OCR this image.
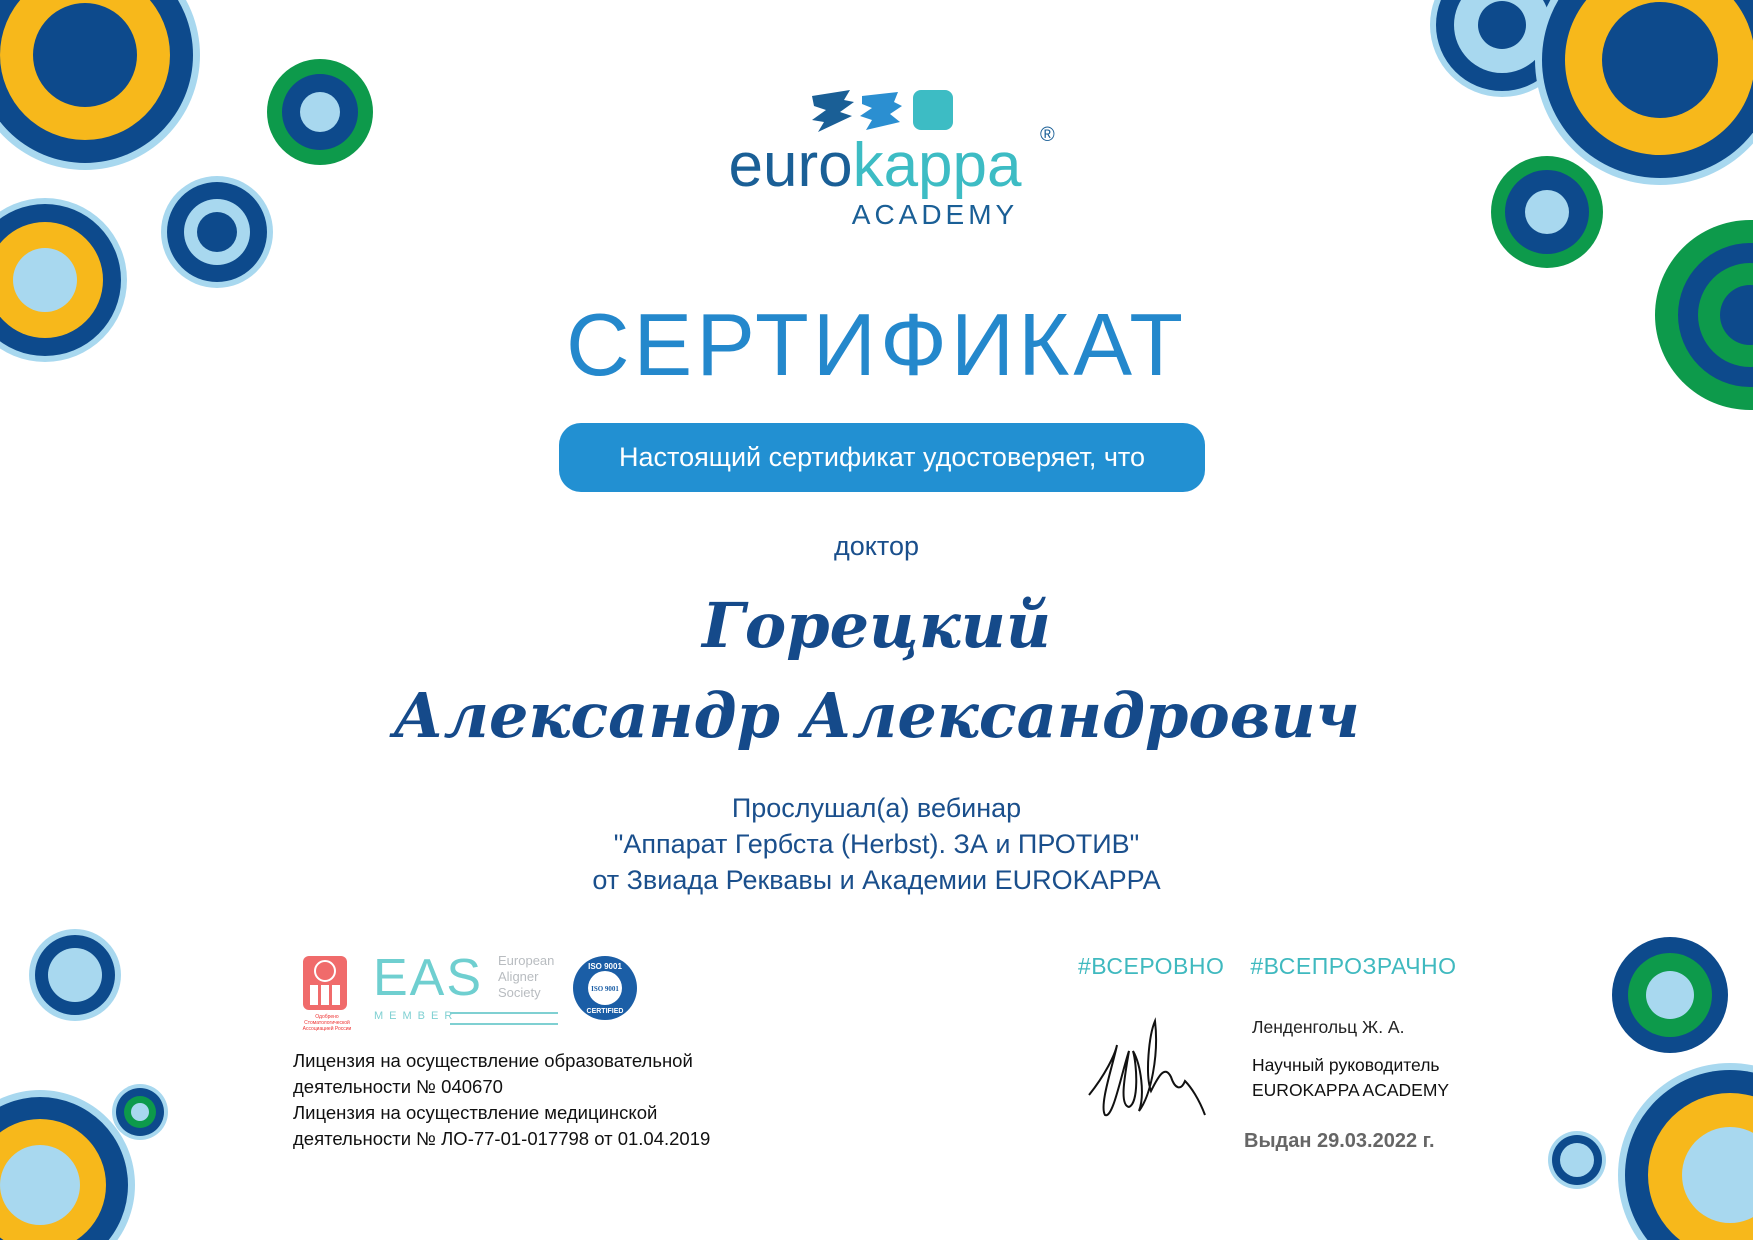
eurokappa ®
ACADEMY
СЕРТИФИКАТ
Настоящий сертификат удостоверяет, что
доктор
Горецкий
Александр Александрович
Прослушал(а) вебинар
"Аппарат Гербста (Herbst). ЗА и ПРОТИВ"
от Звиада Реквавы и Академии EUROKAPPA
Одобрено Стоматологической Ассоциацией России
EAS European
Aligner
Society
MEMBER
ISO 9001
ISO 9001
CERTIFIED
Лицензия на осуществление образовательной
деятельности № 040670
Лицензия на осуществление медицинской
деятельности № ЛО-77-01-017798 от 01.04.2019
#ВСЕРОВНО #ВСЕПРОЗРАЧНО
Ленденгольц Ж. А.
Научный руководитель
EUROKAPPA ACADEMY
Выдан 29.03.2022 г.
